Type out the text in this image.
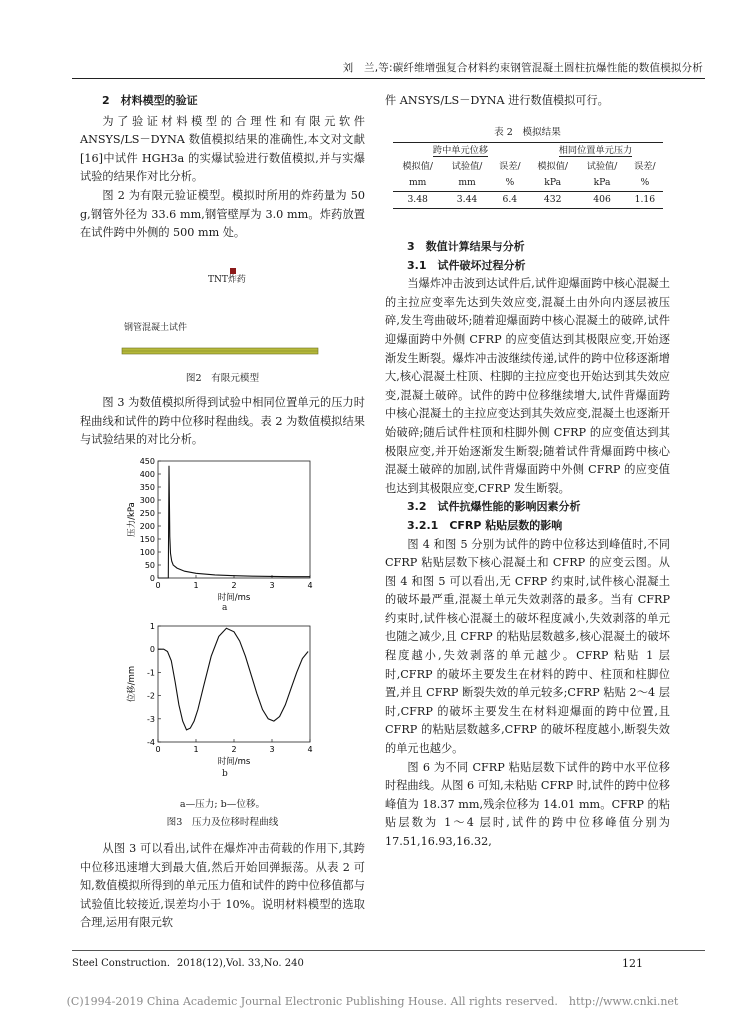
刘　兰,等:碳纤维增强复合材料约束钢管混凝土圆柱抗爆性能的数值模拟分析

2　材料模型的验证

为了验证材料模型的合理性和有限元软件 ANSYS/LS－DYNA 数值模拟结果的准确性,本文对文献[16]中试件 HGH3a 的实爆试验进行数值模拟,并与实爆试验的结果作对比分析。

图 2 为有限元验证模型。模拟时所用的炸药量为 50 g,钢管外径为 33.6 mm,钢管壁厚为 3.0 mm。炸药放置在试件跨中外侧的 500 mm 处。

TNT炸药
钢管混凝土试件
图2　有限元模型

图 3 为数值模拟所得到试验中相同位置单元的压力时程曲线和试件的跨中位移时程曲线。表 2 为数值模拟结果与试验结果的对比分析。

0	1	2	3	4
0
50
100
150
200
250
300
350
400
450
时间/ms
压力/kPa
a
0	1	2	3	4
1
0
-1
-2
-3
-4
时间/ms
位移/mm
b
a—压力; b—位移。
图3　压力及位移时程曲线

从图 3 可以看出,试件在爆炸冲击荷载的作用下,其跨中位移迅速增大到最大值,然后开始回弹振荡。从表 2 可知,数值模拟所得到的单元压力值和试件的跨中位移值都与试验值比较接近,误差均小于 10%。说明材料模型的选取合理,运用有限元软

件 ANSYS/LS－DYNA 进行数值模拟可行。

表 2　模拟结果
跨中单元位移			相同位置单元压力		
模拟值/	试验值/	误差/	模拟值/	试验值/	误差/
mm	mm	%	kPa	kPa	%
3.48	3.44	6.4	432	406	1.16

3　数值计算结果与分析

3.1　试件破坏过程分析

当爆炸冲击波到达试件后,试件迎爆面跨中核心混凝土的主拉应变率先达到失效应变,混凝土由外向内逐层被压碎,发生弯曲破坏;随着迎爆面跨中核心混凝土的破碎,试件迎爆面跨中外侧 CFRP 的应变值达到其极限应变,开始逐渐发生断裂。爆炸冲击波继续传递,试件的跨中位移逐渐增大,核心混凝土柱顶、柱脚的主拉应变也开始达到其失效应变,混凝土破碎。试件的跨中位移继续增大,试件背爆面跨中核心混凝土的主拉应变达到其失效应变,混凝土也逐渐开始破碎;随后试件柱顶和柱脚外侧 CFRP 的应变值达到其极限应变,并开始逐渐发生断裂;随着试件背爆面跨中核心混凝土破碎的加剧,试件背爆面跨中外侧 CFRP 的应变值也达到其极限应变,CFRP 发生断裂。

3.2　试件抗爆性能的影响因素分析

3.2.1　CFRP 粘贴层数的影响

图 4 和图 5 分别为试件的跨中位移达到峰值时,不同 CFRP 粘贴层数下核心混凝土和 CFRP 的应变云图。从图 4 和图 5 可以看出,无 CFRP 约束时,试件核心混凝土的破坏最严重,混凝土单元失效剥落的最多。当有 CFRP 约束时,试件核心混凝土的破坏程度减小,失效剥落的单元也随之减少,且 CFRP 的粘贴层数越多,核心混凝土的破坏程度越小,失效剥落的单元越少。CFRP 粘贴 1 层时,CFRP 的破坏主要发生在材料的跨中、柱顶和柱脚位置,并且 CFRP 断裂失效的单元较多;CFRP 粘贴 2～4 层时,CFRP 的破坏主要发生在材料迎爆面的跨中位置,且 CFRP 的粘贴层数越多,CFRP 的破坏程度越小,断裂失效的单元也越少。

图 6 为不同 CFRP 粘贴层数下试件的跨中水平位移时程曲线。从图 6 可知,未粘贴 CFRP 时,试件的跨中位移峰值为 18.37 mm,残余位移为 14.01 mm。CFRP 的粘贴层数为 1～4 层时,试件的跨中位移峰值分别为 17.51,16.93,16.32,

Steel Construction．2018(12),Vol. 33,No. 240	121
(C)1994-2019 China Academic Journal Electronic Publishing House. All rights reserved.　http://www.cnki.net
